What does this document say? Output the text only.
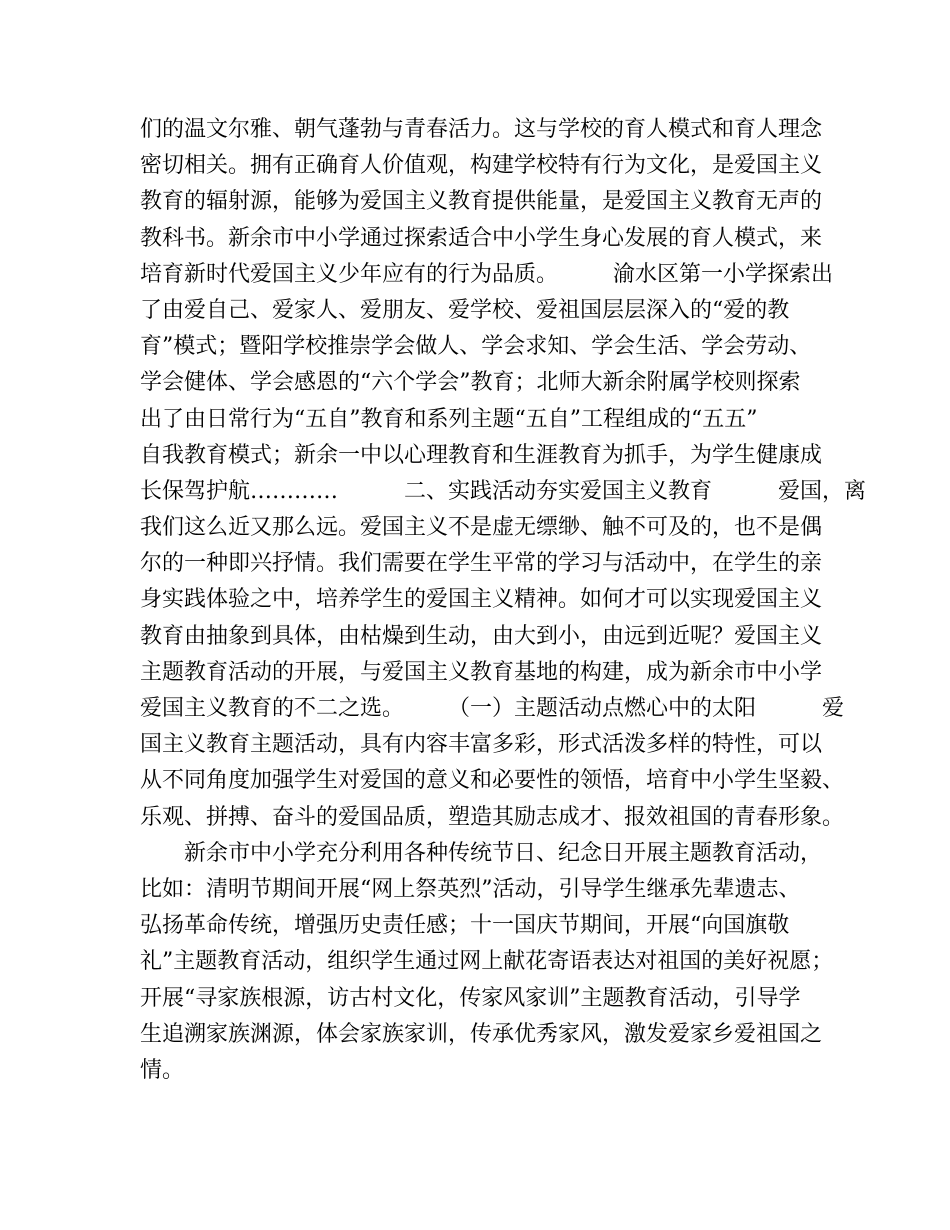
们的温文尔雅、朝气蓬勃与青春活力。这与学校的育人模式和育人理念
密切相关。拥有正确育人价值观，构建学校特有行为文化，是爱国主义
教育的辐射源，能够为爱国主义教育提供能量，是爱国主义教育无声的
教科书。新余市中小学通过探索适合中小学生身心发展的育人模式，来
培育新时代爱国主义少年应有的行为品质。　　　渝水区第一小学探索出
了由爱自己、爱家人、爱朋友、爱学校、爱祖国层层深入的“爱的教
育”模式；暨阳学校推崇学会做人、学会求知、学会生活、学会劳动、
学会健体、学会感恩的“六个学会”教育；北师大新余附属学校则探索
出了由日常行为“五自”教育和系列主题“五自”工程组成的“五五”
自我教育模式；新余一中以心理教育和生涯教育为抓手，为学生健康成
长保驾护航…………　　　二、实践活动夯实爱国主义教育　　　爱国，离
我们这么近又那么远。爱国主义不是虚无缥缈、触不可及的，也不是偶
尔的一种即兴抒情。我们需要在学生平常的学习与活动中，在学生的亲
身实践体验之中，培养学生的爱国主义精神。如何才可以实现爱国主义
教育由抽象到具体，由枯燥到生动，由大到小，由远到近呢？爱国主义
主题教育活动的开展，与爱国主义教育基地的构建，成为新余市中小学
爱国主义教育的不二之选。　　　（一）主题活动点燃心中的太阳　　　爱
国主义教育主题活动，具有内容丰富多彩，形式活泼多样的特性，可以
从不同角度加强学生对爱国的意义和必要性的领悟，培育中小学生坚毅、
乐观、拼搏、奋斗的爱国品质，塑造其励志成才、报效祖国的青春形象。
　　新余市中小学充分利用各种传统节日、纪念日开展主题教育活动，
比如：清明节期间开展“网上祭英烈”活动，引导学生继承先辈遗志、
弘扬革命传统，增强历史责任感；十一国庆节期间，开展“向国旗敬
礼”主题教育活动，组织学生通过网上献花寄语表达对祖国的美好祝愿；
开展“寻家族根源，访古村文化，传家风家训”主题教育活动，引导学
生追溯家族渊源，体会家族家训，传承优秀家风，激发爱家乡爱祖国之
情。
